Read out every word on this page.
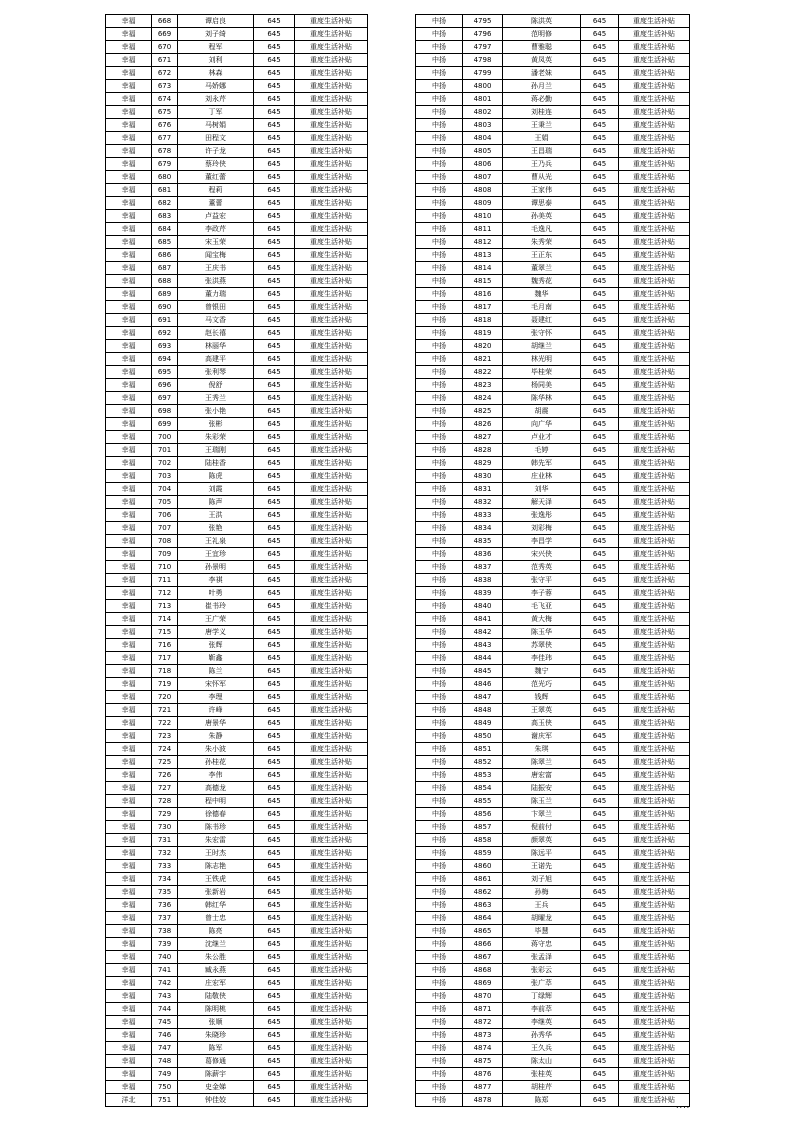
幸福	668	谭启良	645	重度生活补贴
幸福	669	刘子绮	645	重度生活补贴
幸福	670	程军	645	重度生活补贴
幸福	671	刘利	645	重度生活补贴
幸福	672	林森	645	重度生活补贴
幸福	673	马娇娜	645	重度生活补贴
幸福	674	刘永芹	645	重度生活补贴
幸福	675	丁军	645	重度生活补贴
幸福	676	马树娟	645	重度生活补贴
幸福	677	田程文	645	重度生活补贴
幸福	678	许子龙	645	重度生活补贴
幸福	679	蔡玲侠	645	重度生活补贴
幸福	680	董红蕾	645	重度生活补贴
幸福	681	程莉	645	重度生活补贴
幸福	682	董蕾	645	重度生活补贴
幸福	683	卢益宏	645	重度生活补贴
幸福	684	李政芹	645	重度生活补贴
幸福	685	宋玉荣	645	重度生活补贴
幸福	686	闻宝梅	645	重度生活补贴
幸福	687	王庆书	645	重度生活补贴
幸福	688	张洪燕	645	重度生活补贴
幸福	689	董力瑞	645	重度生活补贴
幸福	690	曾银田	645	重度生活补贴
幸福	691	马文香	645	重度生活补贴
幸福	692	赵长禧	645	重度生活补贴
幸福	693	林丽华	645	重度生活补贴
幸福	694	高建平	645	重度生活补贴
幸福	695	张利琴	645	重度生活补贴
幸福	696	倪舒	645	重度生活补贴
幸福	697	王秀兰	645	重度生活补贴
幸福	698	张小艳	645	重度生活补贴
幸福	699	张彬	645	重度生活补贴
幸福	700	朱彩荣	645	重度生活补贴
幸福	701	王瑞刚	645	重度生活补贴
幸福	702	陆桂香	645	重度生活补贴
幸福	703	陈虎	645	重度生活补贴
幸福	704	刘霞	645	重度生活补贴
幸福	705	陈声	645	重度生活补贴
幸福	706	王洪	645	重度生活补贴
幸福	707	张艳	645	重度生活补贴
幸福	708	王礼泉	645	重度生活补贴
幸福	709	王宜珍	645	重度生活补贴
幸福	710	孙景明	645	重度生活补贴
幸福	711	李祺	645	重度生活补贴
幸福	712	叶勇	645	重度生活补贴
幸福	713	崔书玲	645	重度生活补贴
幸福	714	王广荣	645	重度生活补贴
幸福	715	唐学义	645	重度生活补贴
幸福	716	张辉	645	重度生活补贴
幸福	717	靳鑫	645	重度生活补贴
幸福	718	陈兰	645	重度生活补贴
幸福	719	宋怀军	645	重度生活补贴
幸福	720	李理	645	重度生活补贴
幸福	721	许峰	645	重度生活补贴
幸福	722	唐景华	645	重度生活补贴
幸福	723	朱静	645	重度生活补贴
幸福	724	朱小波	645	重度生活补贴
幸福	725	孙桂花	645	重度生活补贴
幸福	726	李伟	645	重度生活补贴
幸福	727	高德龙	645	重度生活补贴
幸福	728	程中明	645	重度生活补贴
幸福	729	徐德春	645	重度生活补贴
幸福	730	陈书珍	645	重度生活补贴
幸福	731	朱宏雷	645	重度生活补贴
幸福	732	王时杰	645	重度生活补贴
幸福	733	陈志艳	645	重度生活补贴
幸福	734	王铁虎	645	重度生活补贴
幸福	735	张新岩	645	重度生活补贴
幸福	736	韩红华	645	重度生活补贴
幸福	737	曾士忠	645	重度生活补贴
幸福	738	陈亮	645	重度生活补贴
幸福	739	沈继兰	645	重度生活补贴
幸福	740	朱公胜	645	重度生活补贴
幸福	741	臧永燕	645	重度生活补贴
幸福	742	庄宏军	645	重度生活补贴
幸福	743	陆敬侠	645	重度生活补贴
幸福	744	陈明桃	645	重度生活补贴
幸福	745	张顺	645	重度生活补贴
幸福	746	朱晓珍	645	重度生活补贴
幸福	747	陈军	645	重度生活补贴
幸福	748	葛修通	645	重度生活补贴
幸福	749	陈薪宇	645	重度生活补贴
幸福	750	史金娣	645	重度生活补贴
洋北	751	钟佳姣	645	重度生活补贴
中扬	4795	陈洪英	645	重度生活补贴
中扬	4796	范明修	645	重度生活补贴
中扬	4797	曹雅聪	645	重度生活补贴
中扬	4798	黄凤英	645	重度生活补贴
中扬	4799	潘老妹	645	重度生活补贴
中扬	4800	孙月兰	645	重度生活补贴
中扬	4801	蒋必勤	645	重度生活补贴
中扬	4802	刘桂连	645	重度生活补贴
中扬	4803	王秉兰	645	重度生活补贴
中扬	4804	王娟	645	重度生活补贴
中扬	4805	王昌瑞	645	重度生活补贴
中扬	4806	王乃兵	645	重度生活补贴
中扬	4807	曹从光	645	重度生活补贴
中扬	4808	王家伟	645	重度生活补贴
中扬	4809	谭思泰	645	重度生活补贴
中扬	4810	孙美英	645	重度生活补贴
中扬	4811	毛逸凡	645	重度生活补贴
中扬	4812	朱秀荣	645	重度生活补贴
中扬	4813	王正东	645	重度生活补贴
中扬	4814	董翠兰	645	重度生活补贴
中扬	4815	魏秀花	645	重度生活补贴
中扬	4816	魏华	645	重度生活补贴
中扬	4817	毛月南	645	重度生活补贴
中扬	4818	聂建红	645	重度生活补贴
中扬	4819	张守怀	645	重度生活补贴
中扬	4820	胡继兰	645	重度生活补贴
中扬	4821	林光明	645	重度生活补贴
中扬	4822	毕桂荣	645	重度生活补贴
中扬	4823	杨同美	645	重度生活补贴
中扬	4824	陈华林	645	重度生活补贴
中扬	4825	胡震	645	重度生活补贴
中扬	4826	向广华	645	重度生活补贴
中扬	4827	卢业才	645	重度生活补贴
中扬	4828	毛婷	645	重度生活补贴
中扬	4829	韩先军	645	重度生活补贴
中扬	4830	庄业林	645	重度生活补贴
中扬	4831	刘华	645	重度生活补贴
中扬	4832	解天泽	645	重度生活补贴
中扬	4833	张逸彤	645	重度生活补贴
中扬	4834	刘彩梅	645	重度生活补贴
中扬	4835	李昌学	645	重度生活补贴
中扬	4836	宋兴侠	645	重度生活补贴
中扬	4837	范秀英	645	重度生活补贴
中扬	4838	张守平	645	重度生活补贴
中扬	4839	李子蓉	645	重度生活补贴
中扬	4840	毛飞亚	645	重度生活补贴
中扬	4841	黄大梅	645	重度生活补贴
中扬	4842	陈玉华	645	重度生活补贴
中扬	4843	苏翠侠	645	重度生活补贴
中扬	4844	李佳玮	645	重度生活补贴
中扬	4845	魏宁	645	重度生活补贴
中扬	4846	范光巧	645	重度生活补贴
中扬	4847	钱辉	645	重度生活补贴
中扬	4848	王翠英	645	重度生活补贴
中扬	4849	高玉侠	645	重度生活补贴
中扬	4850	谢庆军	645	重度生活补贴
中扬	4851	朱琪	645	重度生活补贴
中扬	4852	陈翠兰	645	重度生活补贴
中扬	4853	唐宏富	645	重度生活补贴
中扬	4854	陆振安	645	重度生活补贴
中扬	4855	陈玉兰	645	重度生活补贴
中扬	4856	卞翠兰	645	重度生活补贴
中扬	4857	倪前付	645	重度生活补贴
中扬	4858	颜翠英	645	重度生活补贴
中扬	4859	陈远平	645	重度生活补贴
中扬	4860	王诺先	645	重度生活补贴
中扬	4861	刘子旭	645	重度生活补贴
中扬	4862	孙梅	645	重度生活补贴
中扬	4863	王兵	645	重度生活补贴
中扬	4864	胡曜龙	645	重度生活补贴
中扬	4865	毕慧	645	重度生活补贴
中扬	4866	蒋守忠	645	重度生活补贴
中扬	4867	张孟泽	645	重度生活补贴
中扬	4868	张彩云	645	重度生活补贴
中扬	4869	张广萃	645	重度生活补贴
中扬	4870	丁绿辉	645	重度生活补贴
中扬	4871	李前萃	645	重度生活补贴
中扬	4872	李继英	645	重度生活补贴
中扬	4873	孙秀华	645	重度生活补贴
中扬	4874	王久兵	645	重度生活补贴
中扬	4875	陈太山	645	重度生活补贴
中扬	4876	张桂英	645	重度生活补贴
中扬	4877	胡桂芹	645	重度生活补贴
中扬	4878	陈郑	645	重度生活补贴
....
